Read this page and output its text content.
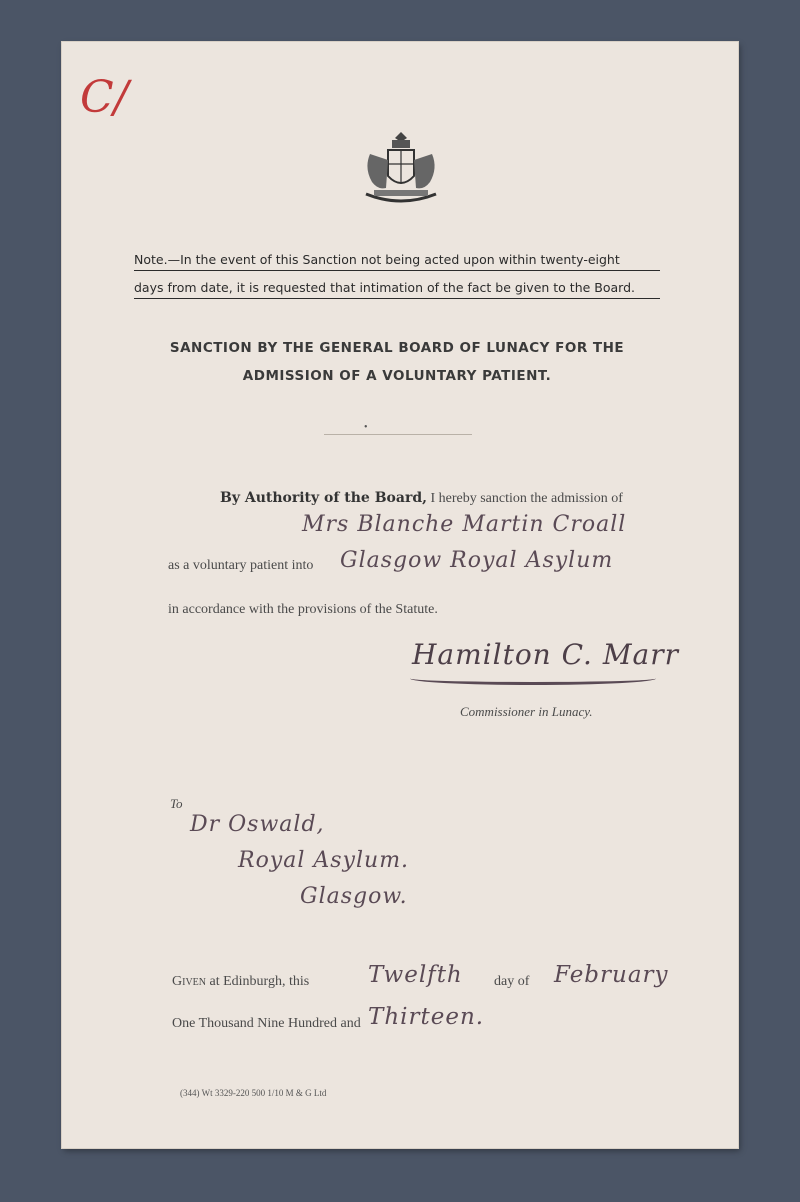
C/
Note.—In the event of this Sanction not being acted upon within twenty-eight
days from date, it is requested that intimation of the fact be given to the Board.
SANCTION BY THE GENERAL BOARD OF LUNACY FOR THE
ADMISSION OF A VOLUNTARY PATIENT.
•
By Authority of the Board, I hereby sanction the admission of
Mrs Blanche Martin Croall
as a voluntary patient into Glasgow Royal Asylum
in accordance with the provisions of the Statute.
Hamilton C. Marr
Commissioner in Lunacy.
To
Dr Oswald,
Royal Asylum.
Glasgow.
Given at Edinburgh, this	Twelfth day of February
One Thousand Nine Hundred and Thirteen.
(344) Wt 3329-220 500 1/10 M & G Ltd
